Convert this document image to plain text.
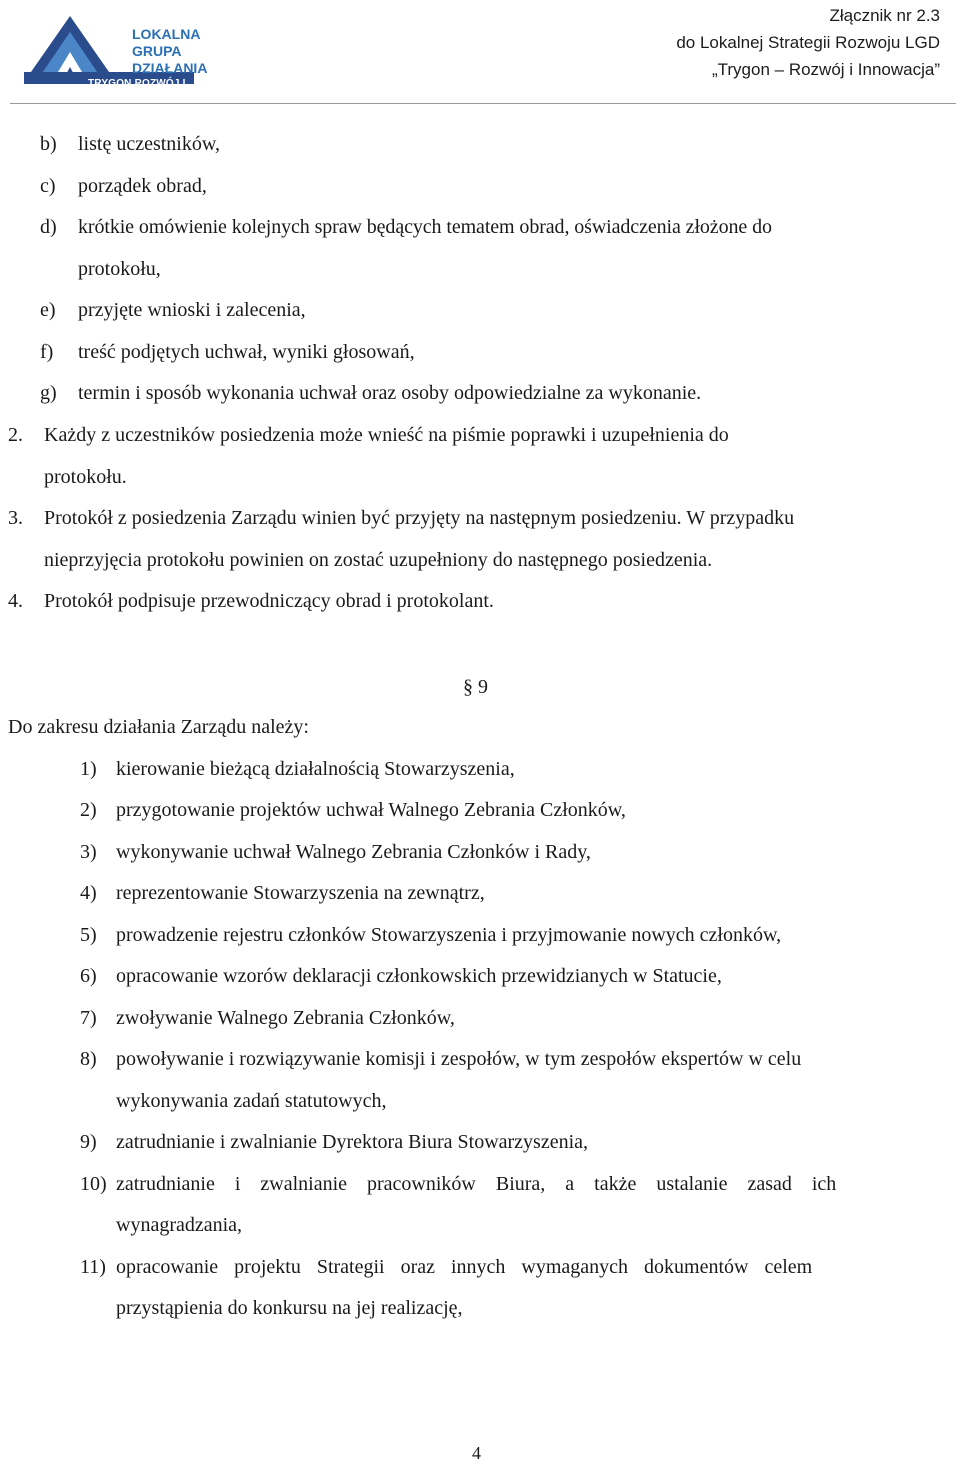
LOKALNA
GRUPA
DZIAŁANIA
TRYGON ROZWÓJ I INNOWACJA
Złącznik nr 2.3
do Lokalnej Strategii Rozwoju LGD
„Trygon – Rozwój i Innowacja”
b) listę uczestników,
c) porządek obrad,
d) krótkie omówienie kolejnych spraw będących tematem obrad, oświadczenia złożone do
protokołu,
e) przyjęte wnioski i zalecenia,
f) treść podjętych uchwał, wyniki głosowań,
g) termin i sposób wykonania uchwał oraz osoby odpowiedzialne za wykonanie.
2. Każdy z uczestników posiedzenia może wnieść na piśmie poprawki i uzupełnienia do
protokołu.
3. Protokół z posiedzenia Zarządu winien być przyjęty na następnym posiedzeniu. W przypadku
nieprzyjęcia protokołu powinien on zostać uzupełniony do następnego posiedzenia.
4. Protokół podpisuje przewodniczący obrad i protokolant.
§ 9
Do zakresu działania Zarządu należy:
1) kierowanie bieżącą działalnością Stowarzyszenia,
2) przygotowanie projektów uchwał Walnego Zebrania Członków,
3) wykonywanie uchwał Walnego Zebrania Członków i Rady,
4) reprezentowanie Stowarzyszenia na zewnątrz,
5) prowadzenie rejestru członków Stowarzyszenia i przyjmowanie nowych członków,
6) opracowanie wzorów deklaracji członkowskich przewidzianych w Statucie,
7) zwoływanie Walnego Zebrania Członków,
8) powoływanie i rozwiązywanie komisji i zespołów, w tym zespołów ekspertów w celu
wykonywania zadań statutowych,
9) zatrudnianie i zwalnianie Dyrektora Biura Stowarzyszenia,
10) zatrudnianie i zwalnianie pracowników Biura, a także ustalanie zasad ich
wynagradzania,
11) opracowanie projektu Strategii oraz innych wymaganych dokumentów celem
przystąpienia do konkursu na jej realizację,
4
